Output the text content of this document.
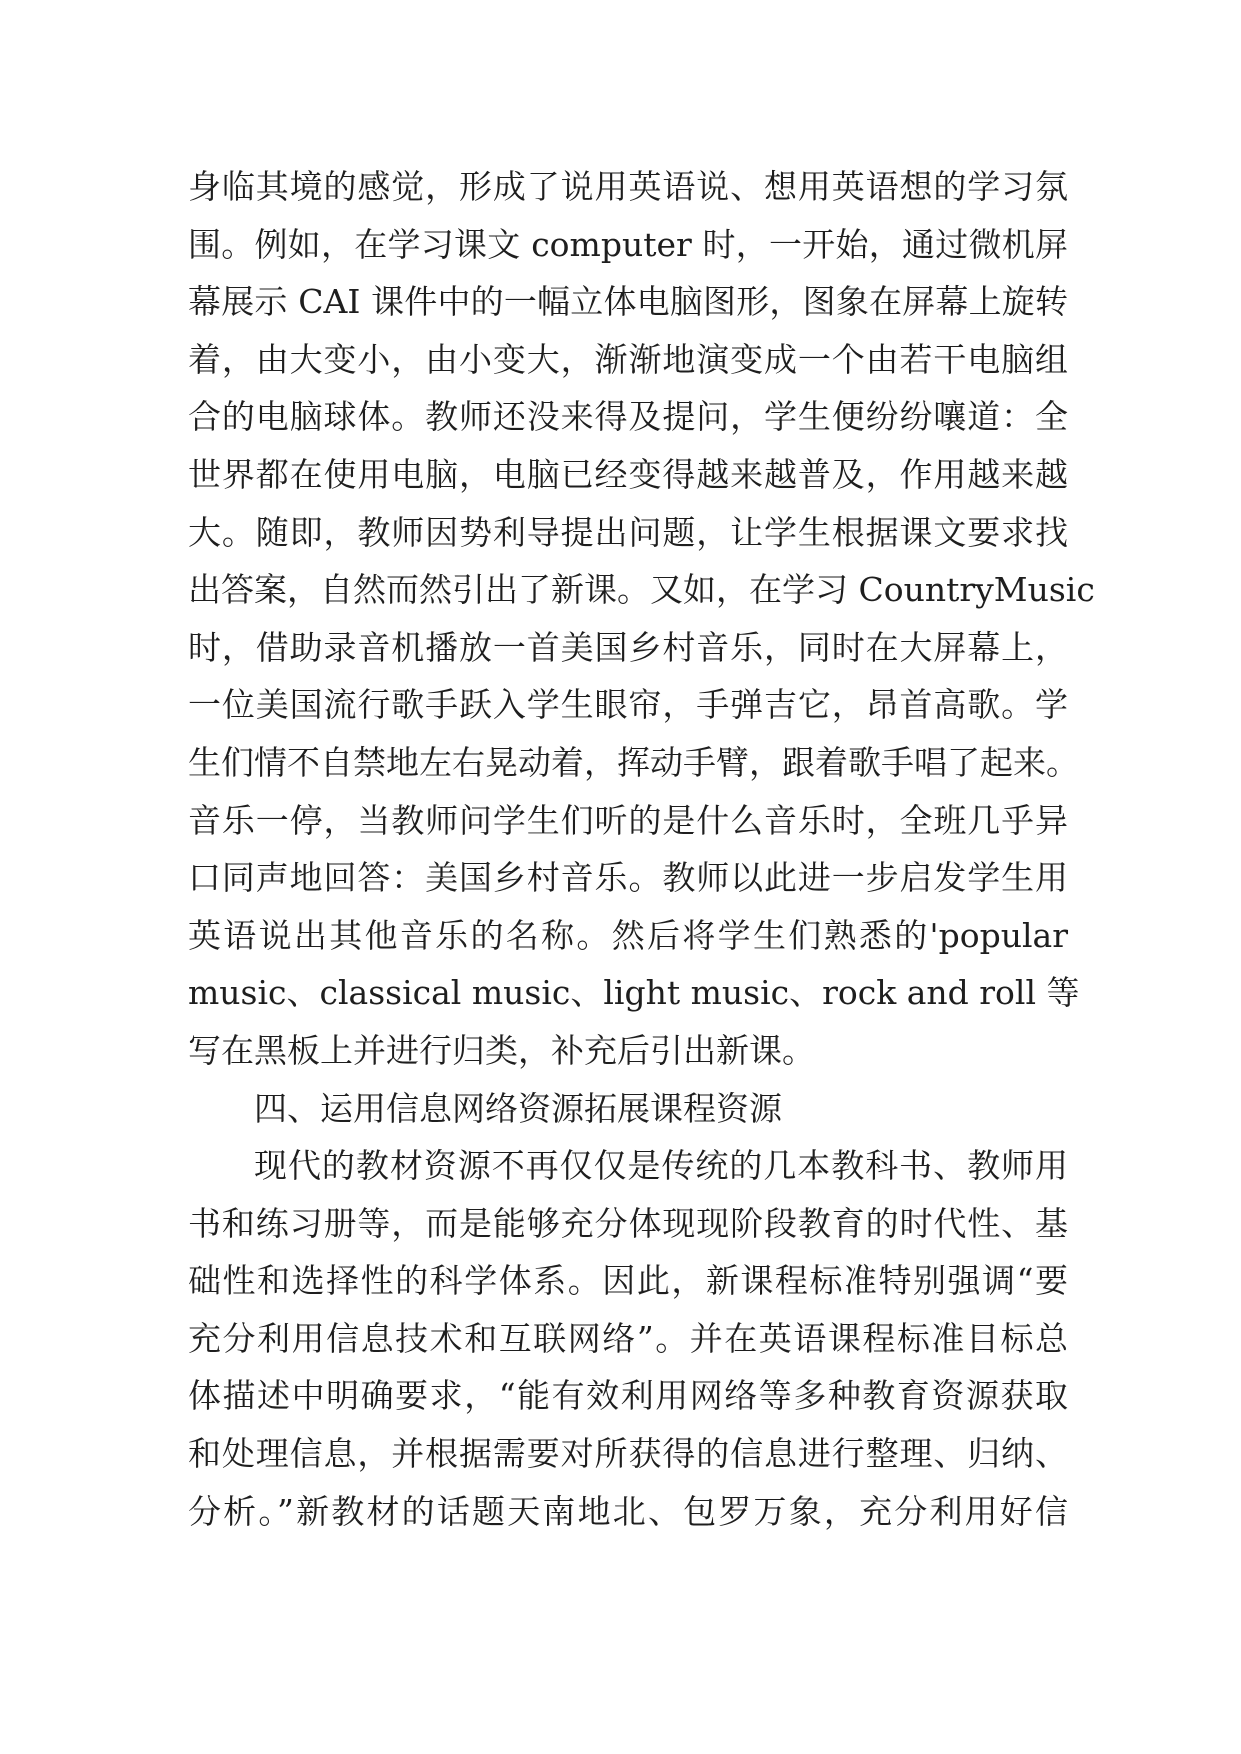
身临其境的感觉，形成了说用英语说、想用英语想的学习氛
围。例如，在学习课文 computer 时，一开始，通过微机屏
幕展示 CAI 课件中的一幅立体电脑图形，图象在屏幕上旋转
着，由大变小，由小变大，渐渐地演变成一个由若干电脑组
合的电脑球体。教师还没来得及提问，学生便纷纷嚷道：全
世界都在使用电脑，电脑已经变得越来越普及，作用越来越
大。随即，教师因势利导提出问题，让学生根据课文要求找
出答案，自然而然引出了新课。又如，在学习 CountryMusic
时，借助录音机播放一首美国乡村音乐，同时在大屏幕上，
一位美国流行歌手跃入学生眼帘，手弹吉它，昂首高歌。学
生们情不自禁地左右晃动着，挥动手臂，跟着歌手唱了起来。
音乐一停，当教师问学生们听的是什么音乐时，全班几乎异
口同声地回答：美国乡村音乐。教师以此进一步启发学生用
英语说出其他音乐的名称。然后将学生们熟悉的'popular
music、classical music、light music、rock and roll 等
写在黑板上并进行归类，补充后引出新课。
四、运用信息网络资源拓展课程资源
现代的教材资源不再仅仅是传统的几本教科书、教师用
书和练习册等，而是能够充分体现现阶段教育的时代性、基
础性和选择性的科学体系。因此，新课程标准特别强调“要
充分利用信息技术和互联网络”。并在英语课程标准目标总
体描述中明确要求，“能有效利用网络等多种教育资源获取
和处理信息，并根据需要对所获得的信息进行整理、归纳、
分析。”新教材的话题天南地北、包罗万象，充分利用好信
